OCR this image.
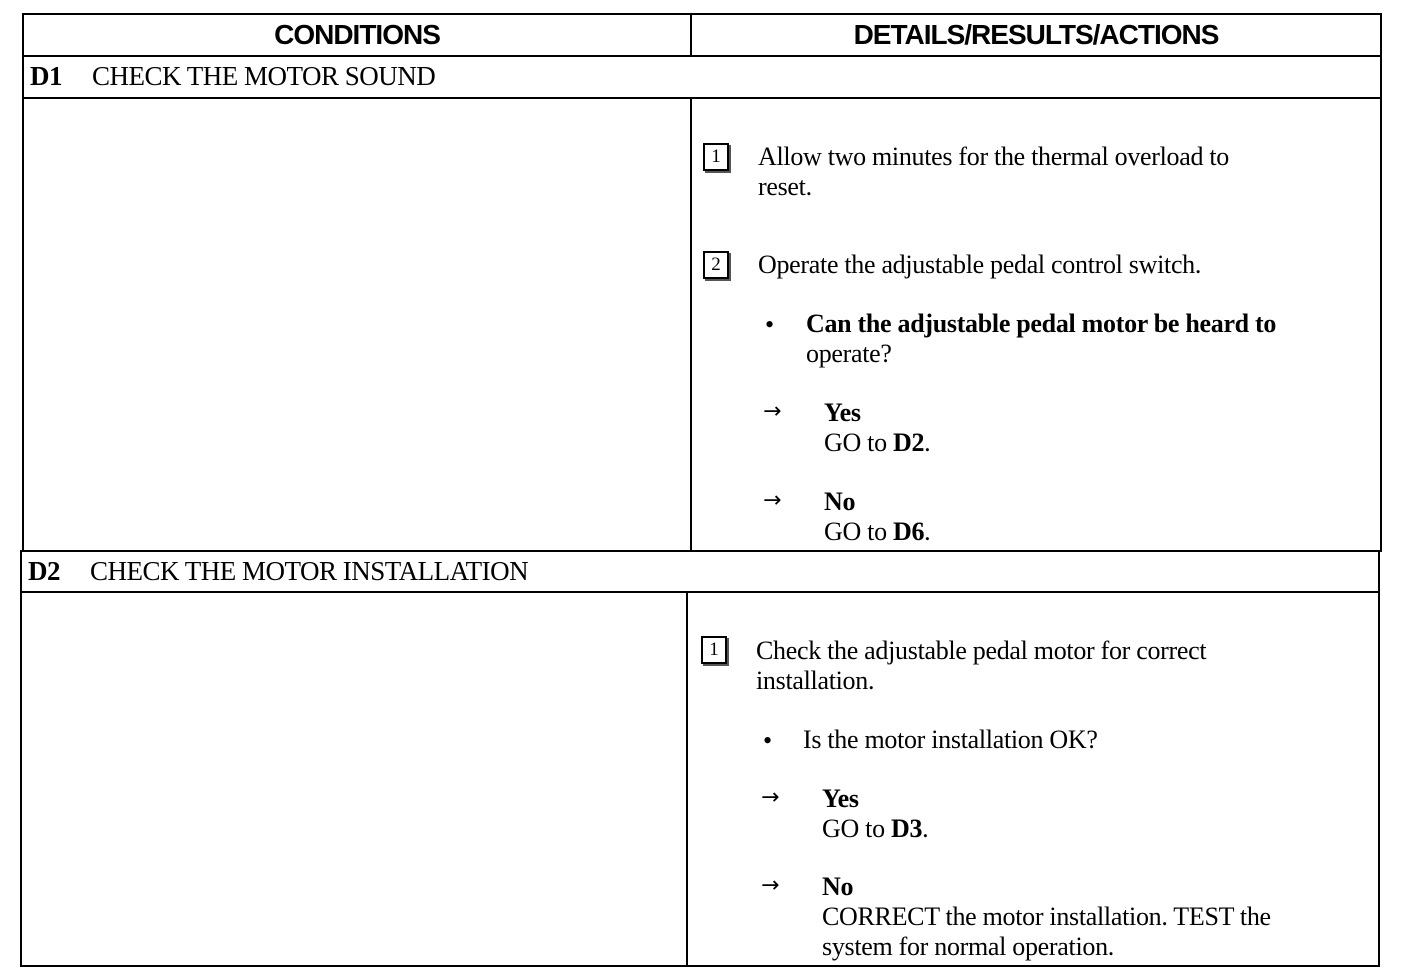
CONDITIONS	DETAILS/RESULTS/ACTIONS
D1 CHECK THE MOTOR SOUND
1	Allow two minutes for the thermal overload to
reset.
2	Operate the adjustable pedal control switch.
• Can the adjustable pedal motor be heard to
operate?
→ Yes
GO to D2.
→ No
GO to D6.
D2 CHECK THE MOTOR INSTALLATION
1	Check the adjustable pedal motor for correct
installation.
• Is the motor installation OK?
→ Yes
GO to D3.
→ No
CORRECT the motor installation. TEST the
system for normal operation.
